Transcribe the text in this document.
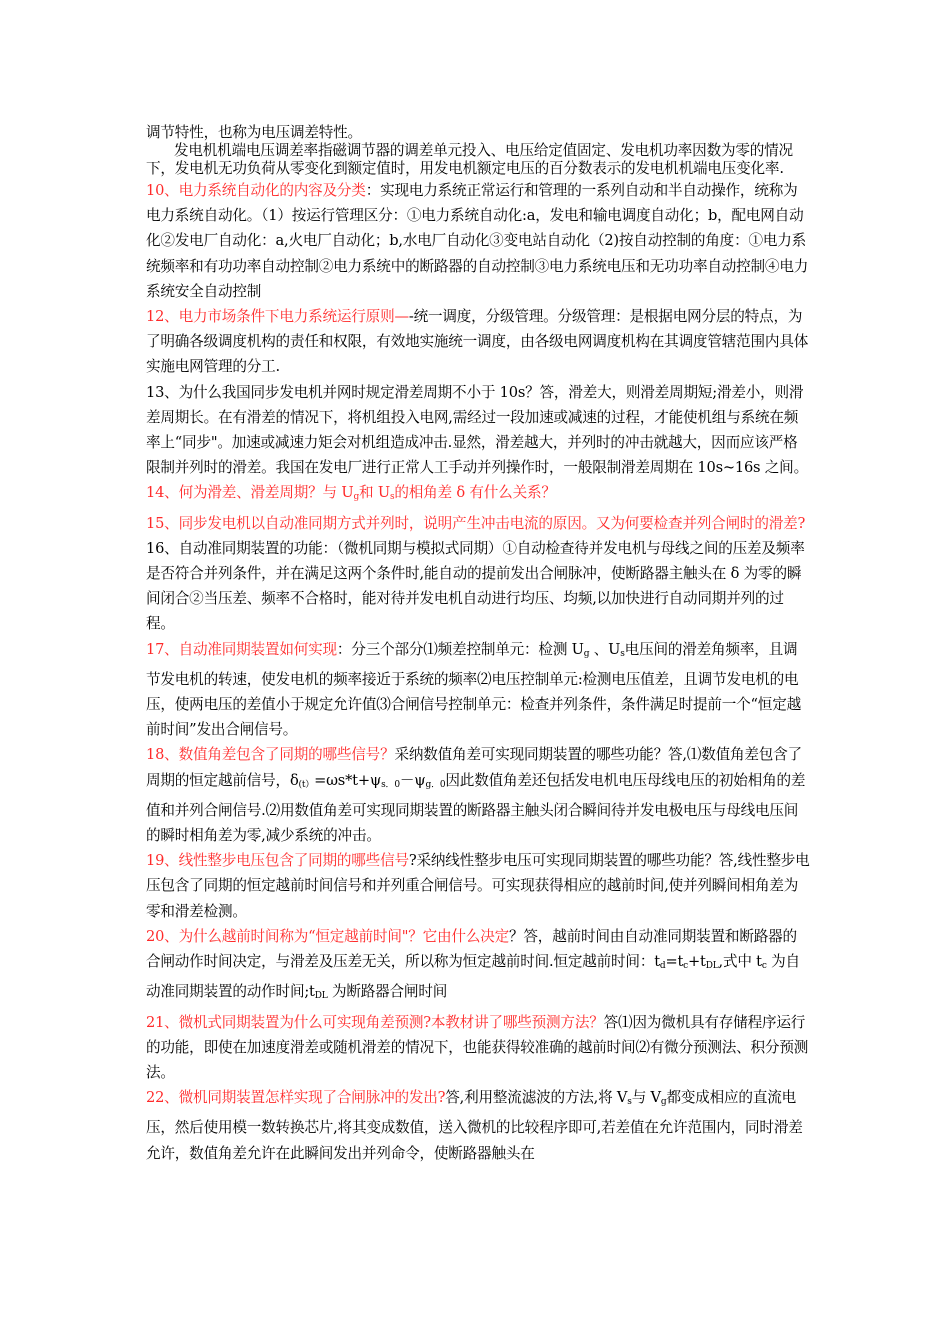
调节特性，也称为电压调差特性。
发电机机端电压调差率指磁调节器的调差单元投入、电压给定值固定、发电机功率因数为零的情况下，发电机无功负荷从零变化到额定值时，用发电机额定电压的百分数表示的发电机机端电压变化率.

10、电力系统自动化的内容及分类：实现电力系统正常运行和管理的一系列自动和半自动操作，统称为电力系统自动化。（1）按运行管理区分：①电力系统自动化:a，发电和输电调度自动化；b，配电网自动化②发电厂自动化：a,火电厂自动化；b,水电厂自动化③变电站自动化（2)按自动控制的角度：①电力系统频率和有功功率自动控制②电力系统中的断路器的自动控制③电力系统电压和无功功率自动控制④电力系统安全自动控制

12、电力市场条件下电力系统运行原则—-统一调度，分级管理。分级管理：是根据电网分层的特点，为了明确各级调度机构的责任和权限，有效地实施统一调度，由各级电网调度机构在其调度管辖范围内具体实施电网管理的分工.

13、为什么我国同步发电机并网时规定滑差周期不小于 10s？答，滑差大，则滑差周期短;滑差小，则滑差周期长。在有滑差的情况下，将机组投入电网,需经过一段加速或减速的过程，才能使机组与系统在频率上“同步"。加速或减速力矩会对机组造成冲击.显然，滑差越大，并列时的冲击就越大，因而应该严格限制并列时的滑差。我国在发电厂进行正常人工手动并列操作时，一般限制滑差周期在 10s~16s 之间。

14、何为滑差、滑差周期？与 $U_g$和 $U_s$的相角差 δ 有什么关系？

15、同步发电机以自动准同期方式并列时，说明产生冲击电流的原因。又为何要检查并列合闸时的滑差?

16、自动准同期装置的功能：（微机同期与模拟式同期）①自动检查待并发电机与母线之间的压差及频率是否符合并列条件，并在满足这两个条件时,能自动的提前发出合闸脉冲，使断路器主触头在 δ 为零的瞬间闭合②当压差、频率不合格时，能对待并发电机自动进行均压、均频,以加快进行自动同期并列的过程。

17、自动准同期装置如何实现：分三个部分⑴频差控制单元：检测 $U_g$ 、$U_s$电压间的滑差角频率，且调节发电机的转速，使发电机的频率接近于系统的频率⑵电压控制单元:检测电压值差，且调节发电机的电压，使两电压的差值小于规定允许值⑶合闸信号控制单元：检查并列条件，条件满足时提前一个“恒定越前时间”发出合闸信号。

18、数值角差包含了同期的哪些信号？采纳数值角差可实现同期装置的哪些功能？答,⑴数值角差包含了周期的恒定越前信号，$\delta_{(t)}=\omega s*t+\psi_{s.0}-\psi_{g.0}$因此数值角差还包括发电机电压母线电压的初始相角的差值和并列合闸信号.⑵用数值角差可实现同期装置的断路器主触头闭合瞬间待并发电极电压与母线电压间的瞬时相角差为零,减少系统的冲击。

19、线性整步电压包含了同期的哪些信号?采纳线性整步电压可实现同期装置的哪些功能？答,线性整步电压包含了同期的恒定越前时间信号和并列重合闸信号。可实现获得相应的越前时间,使并列瞬间相角差为零和滑差检测。

20、为什么越前时间称为“恒定越前时间"？它由什么决定？答，越前时间由自动准同期装置和断路器的合闸动作时间决定，与滑差及压差无关，所以称为恒定越前时间.恒定越前时间：$t_d=t_c+t_{DL}$,式中 $t_c$ 为自动准同期装置的动作时间$;t_{DL}$ 为断路器合闸时间

21、微机式同期装置为什么可实现角差预测?本教材讲了哪些预测方法？答⑴因为微机具有存储程序运行的功能，即使在加速度滑差或随机滑差的情况下，也能获得较准确的越前时间⑵有微分预测法、积分预测法。

22、微机同期装置怎样实现了合闸脉冲的发出?答,利用整流滤波的方法,将 $V_s$与 $V_g$都变成相应的直流电压，然后使用模一数转换芯片,将其变成数值，送入微机的比较程序即可,若差值在允许范围内，同时滑差允许，数值角差允许在此瞬间发出并列命令，使断路器触头在
